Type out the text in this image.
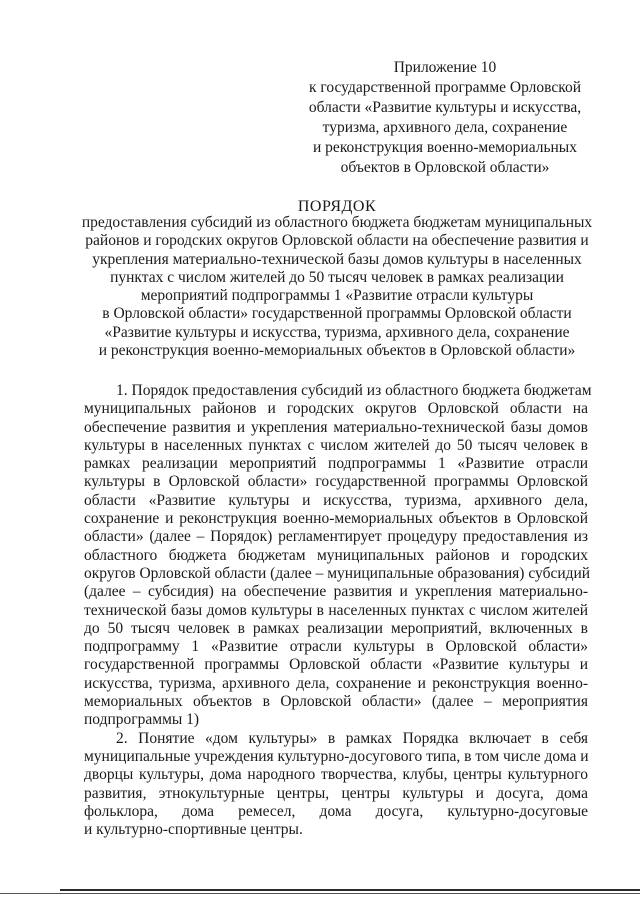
Приложение 10
к государственной программе Орловской
области «Развитие культуры и искусства,
туризма, архивного дела, сохранение
и реконструкция военно-мемориальных
объектов в Орловской области»
ПОРЯДОК
предоставления субсидий из областного бюджета бюджетам муниципальных
районов и городских округов Орловской области на обеспечение развития и
укрепления материально-технической базы домов культуры в населенных
пунктах с числом жителей до 50 тысяч человек в рамках реализации
мероприятий подпрограммы 1 «Развитие отрасли культуры
в Орловской области» государственной программы Орловской области
«Развитие культуры и искусства, туризма, архивного дела, сохранение
и реконструкция военно-мемориальных объектов в Орловской области»
1. Порядок предоставления субсидий из областного бюджета бюджетам
муниципальных районов и городских округов Орловской области на
обеспечение развития и укрепления материально-технической базы домов
культуры в населенных пунктах с числом жителей до 50 тысяч человек в
рамках реализации мероприятий подпрограммы 1 «Развитие отрасли
культуры в Орловской области» государственной программы Орловской
области «Развитие культуры и искусства, туризма, архивного дела,
сохранение и реконструкция военно-мемориальных объектов в Орловской
области» (далее – Порядок) регламентирует процедуру предоставления из
областного бюджета бюджетам муниципальных районов и городских
округов Орловской области (далее – муниципальные образования) субсидий
(далее – субсидия) на обеспечение развития и укрепления материально-
технической базы домов культуры в населенных пунктах с числом жителей
до 50 тысяч человек в рамках реализации мероприятий, включенных в
подпрограмму 1 «Развитие отрасли культуры в Орловской области»
государственной программы Орловской области «Развитие культуры и
искусства, туризма, архивного дела, сохранение и реконструкция военно-
мемориальных объектов в Орловской области» (далее – мероприятия
подпрограммы 1)
2. Понятие «дом культуры» в рамках Порядка включает в себя
муниципальные учреждения культурно-досугового типа, в том числе дома и
дворцы культуры, дома народного творчества, клубы, центры культурного
развития, этнокультурные центры, центры культуры и досуга, дома
фольклора, дома ремесел, дома досуга, культурно-досуговые
и культурно-спортивные центры.
